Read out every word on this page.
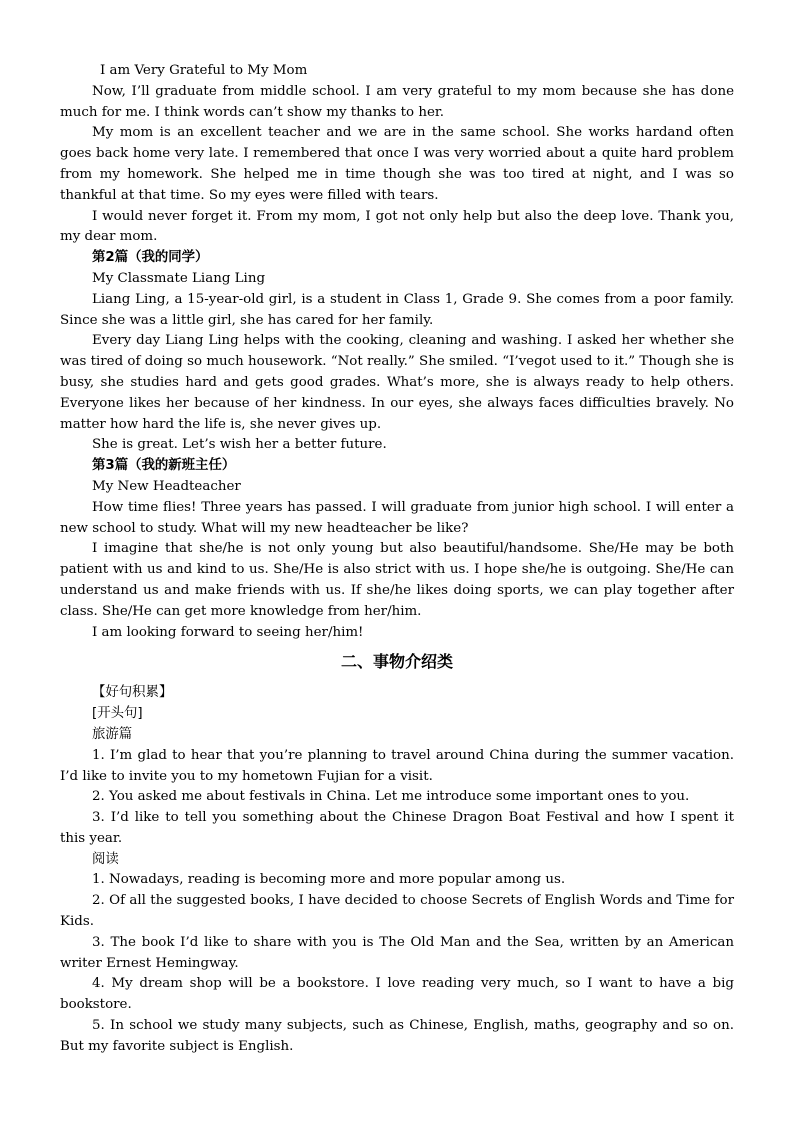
I am Very Grateful to My Mom

Now, I’ll graduate from middle school. I am very grateful to my mom because she has done much for me. I think words can’t show my thanks to her.

My mom is an excellent teacher and we are in the same school. She works hardand often goes back home very late. I remembered that once I was very worried about a quite hard problem from my homework. She helped me in time though she was too tired at night, and I was so thankful at that time. So my eyes were filled with tears.

I would never forget it. From my mom, I got not only help but also the deep love. Thank you, my dear mom.

第2篇（我的同学）

My Classmate Liang Ling

Liang Ling, a 15-year-old girl, is a student in Class 1, Grade 9. She comes from a poor family. Since she was a little girl, she has cared for her family.

Every day Liang Ling helps with the cooking, cleaning and washing. I asked her whether she was tired of doing so much housework. “Not really.” She smiled. “I’vegot used to it.” Though she is busy, she studies hard and gets good grades. What’s more, she is always ready to help others. Everyone likes her because of her kindness. In our eyes, she always faces difficulties bravely. No matter how hard the life is, she never gives up.

She is great. Let’s wish her a better future.

第3篇（我的新班主任）

My New Headteacher

How time flies! Three years has passed. I will graduate from junior high school. I will enter a new school to study. What will my new headteacher be like?

I imagine that she/he is not only young but also beautiful/handsome. She/He may be both patient with us and kind to us. She/He is also strict with us. I hope she/he is outgoing. She/He can understand us and make friends with us. If she/he likes doing sports, we can play together after class. She/He can get more knowledge from her/him.

I am looking forward to seeing her/him!

二、事物介绍类

【好句积累】

[开头句]

旅游篇

1. I’m glad to hear that you’re planning to travel around China during the summer vacation. I’d like to invite you to my hometown Fujian for a visit.

2. You asked me about festivals in China. Let me introduce some important ones to you.

3. I’d like to tell you something about the Chinese Dragon Boat Festival and how I spent it this year.

阅读

1. Nowadays, reading is becoming more and more popular among us.

2. Of all the suggested books, I have decided to choose Secrets of English Words and Time for Kids.

3. The book I’d like to share with you is The Old Man and the Sea, written by an American writer Ernest Hemingway.

4. My dream shop will be a bookstore. I love reading very much, so I want to have a big bookstore.

5. In school we study many subjects, such as Chinese, English, maths, geography and so on. But my favorite subject is English.
